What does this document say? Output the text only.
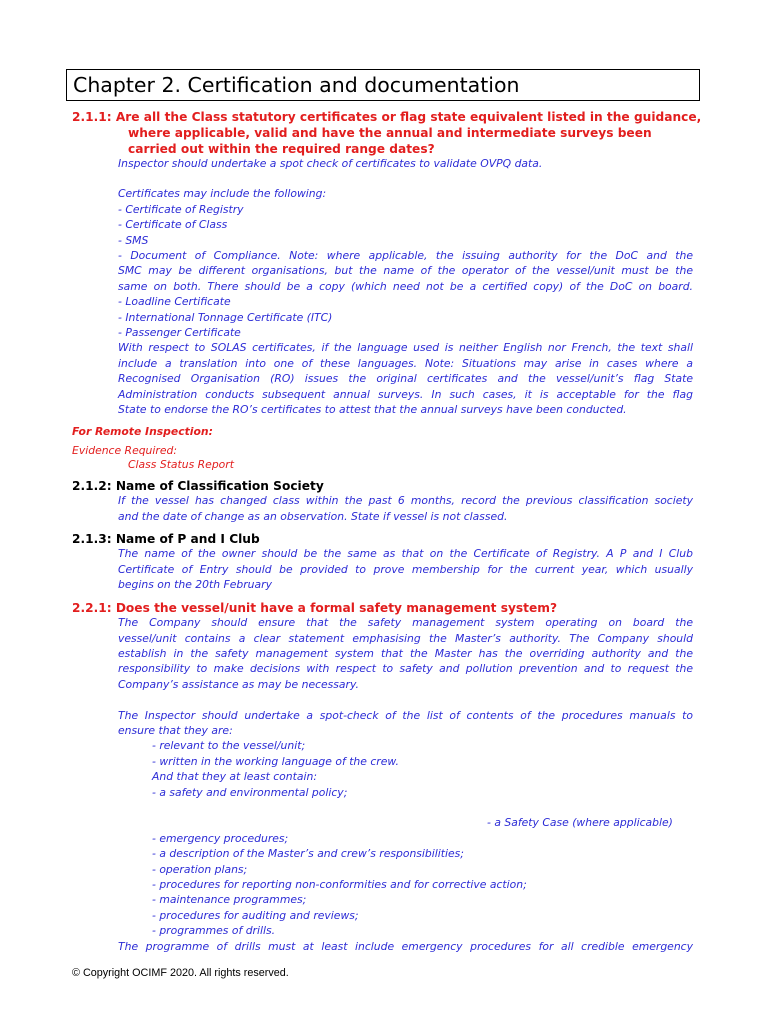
Chapter 2. Certification and documentation
2.1.1: Are all the Class statutory certificates or flag state equivalent listed in the guidance,
where applicable, valid and have the annual and intermediate surveys been
carried out within the required range dates?
Inspector should undertake a spot check of certificates to validate OVPQ data.
Certificates may include the following:
- Certificate of Registry
- Certificate of Class
- SMS
- Document of Compliance. Note: where applicable, the issuing authority for the DoC and the
SMC may be different organisations, but the name of the operator of the vessel/unit must be the
same on both. There should be a copy (which need not be a certified copy) of the DoC on board.
- Loadline Certificate
- International Tonnage Certificate (ITC)
- Passenger Certificate
With respect to SOLAS certificates, if the language used is neither English nor French, the text shall
include a translation into one of these languages. Note: Situations may arise in cases where a
Recognised Organisation (RO) issues the original certificates and the vessel/unit’s flag State
Administration conducts subsequent annual surveys. In such cases, it is acceptable for the flag
State to endorse the RO’s certificates to attest that the annual surveys have been conducted.
For Remote Inspection:
Evidence Required:
Class Status Report
2.1.2: Name of Classification Society
If the vessel has changed class within the past 6 months, record the previous classification society
and the date of change as an observation. State if vessel is not classed.
2.1.3: Name of P and I Club
The name of the owner should be the same as that on the Certificate of Registry. A P and I Club
Certificate of Entry should be provided to prove membership for the current year, which usually
begins on the 20th February
2.2.1: Does the vessel/unit have a formal safety management system?
The Company should ensure that the safety management system operating on board the
vessel/unit contains a clear statement emphasising the Master’s authority. The Company should
establish in the safety management system that the Master has the overriding authority and the
responsibility to make decisions with respect to safety and pollution prevention and to request the
Company’s assistance as may be necessary.
The Inspector should undertake a spot-check of the list of contents of the procedures manuals to
ensure that they are:
- relevant to the vessel/unit;
- written in the working language of the crew.
And that they at least contain:
- a safety and environmental policy;
- a Safety Case (where applicable)
- emergency procedures;
- a description of the Master’s and crew’s responsibilities;
- operation plans;
- procedures for reporting non-conformities and for corrective action;
- maintenance programmes;
- procedures for auditing and reviews;
- programmes of drills.
The programme of drills must at least include emergency procedures for all credible emergency
© Copyright OCIMF 2020. All rights reserved.
